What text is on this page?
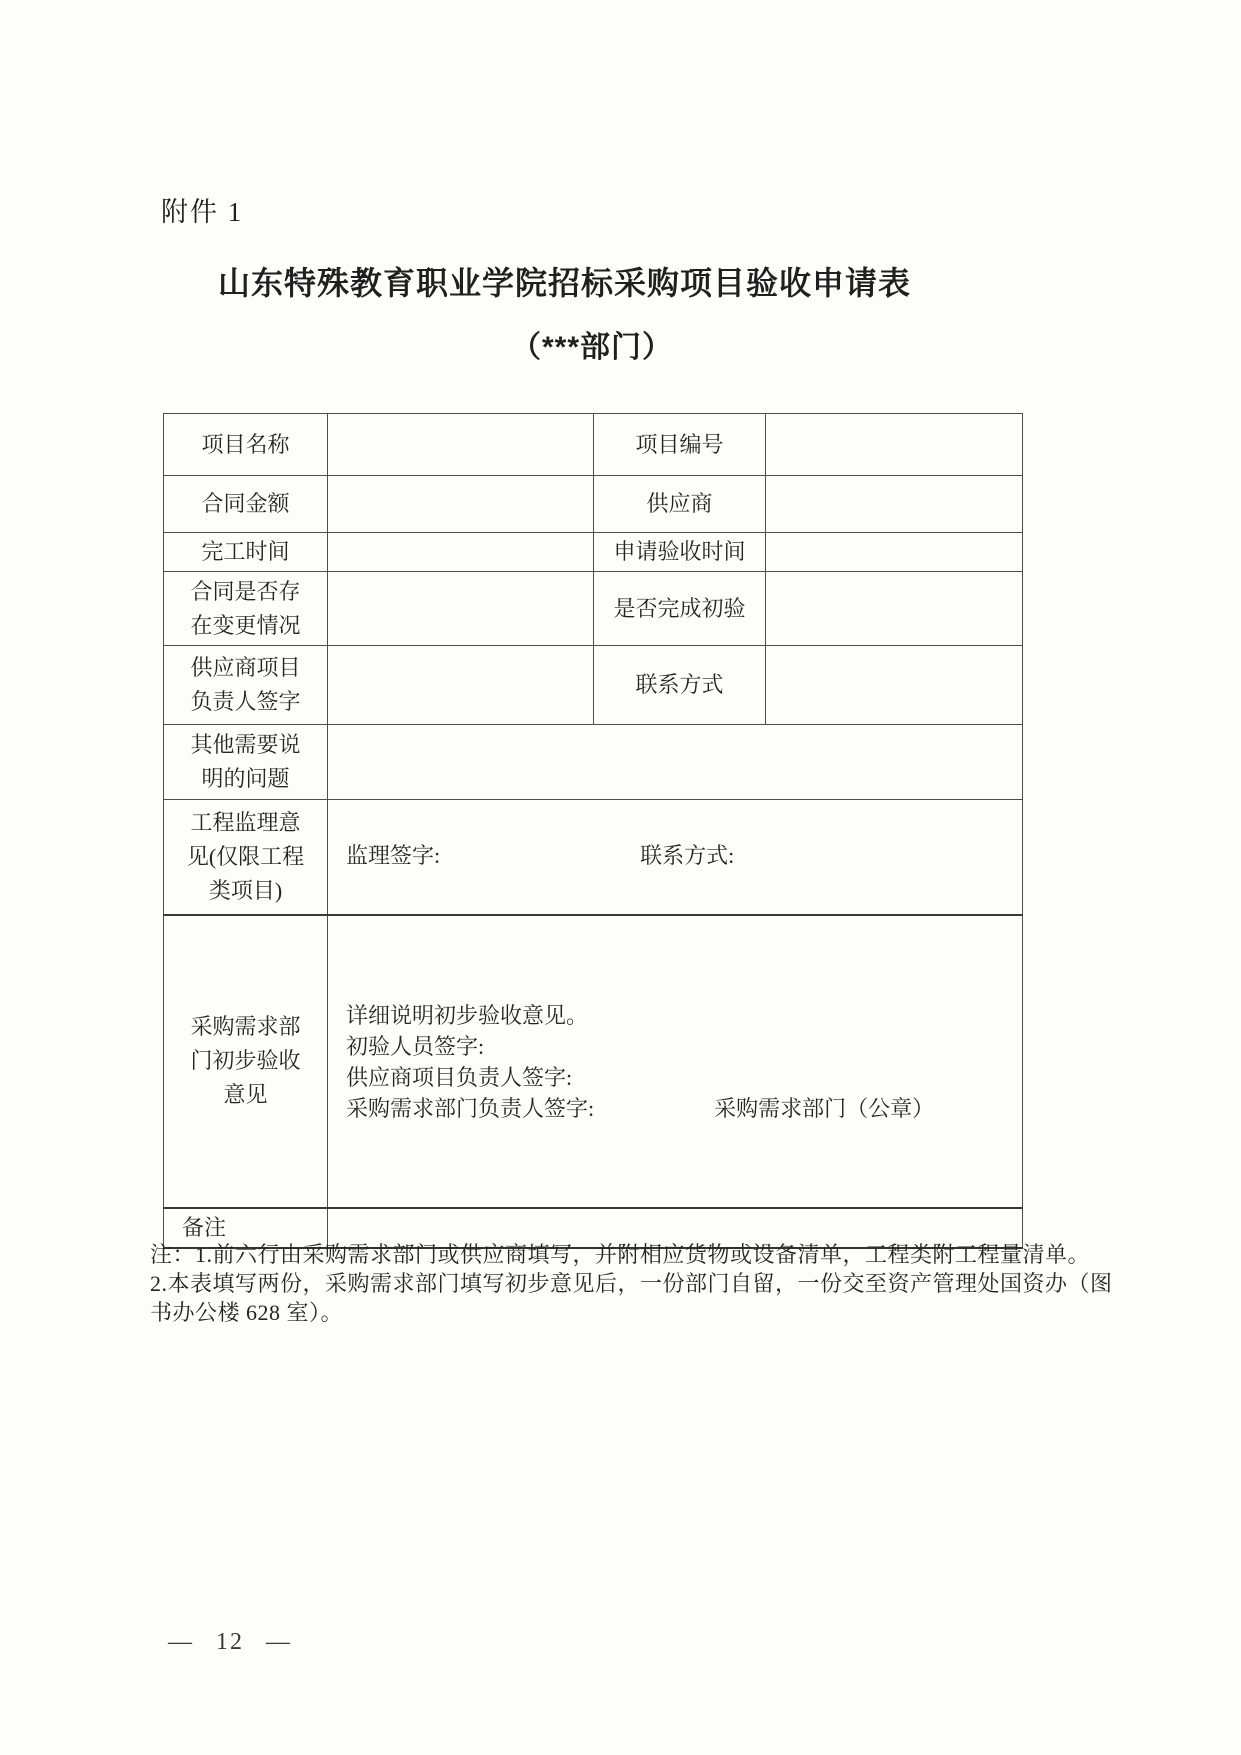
附件 1
山东特殊教育职业学院招标采购项目验收申请表
（***部门）
项目名称		项目编号	
合同金额		供应商	
完工时间		申请验收时间	
合同是否存在变更情况		是否完成初验	
供应商项目负责人签字		联系方式	
其他需要说明的问题			
工程监理意见(仅限工程类项目)	监理签字: 联系方式:		

采购需求部门初步验收意见	详细说明初步验收意见。
初验人员签字:
供应商项目负责人签字:
采购需求部门负责人签字: 采购需求部门（公章）		

备注			
注：1.前六行由采购需求部门或供应商填写，并附相应货物或设备清单，工程类附工程量清单。
2.本表填写两份，采购需求部门填写初步意见后，一份部门自留，一份交至资产管理处国资办（图
书办公楼 628 室）。
— 12 —
